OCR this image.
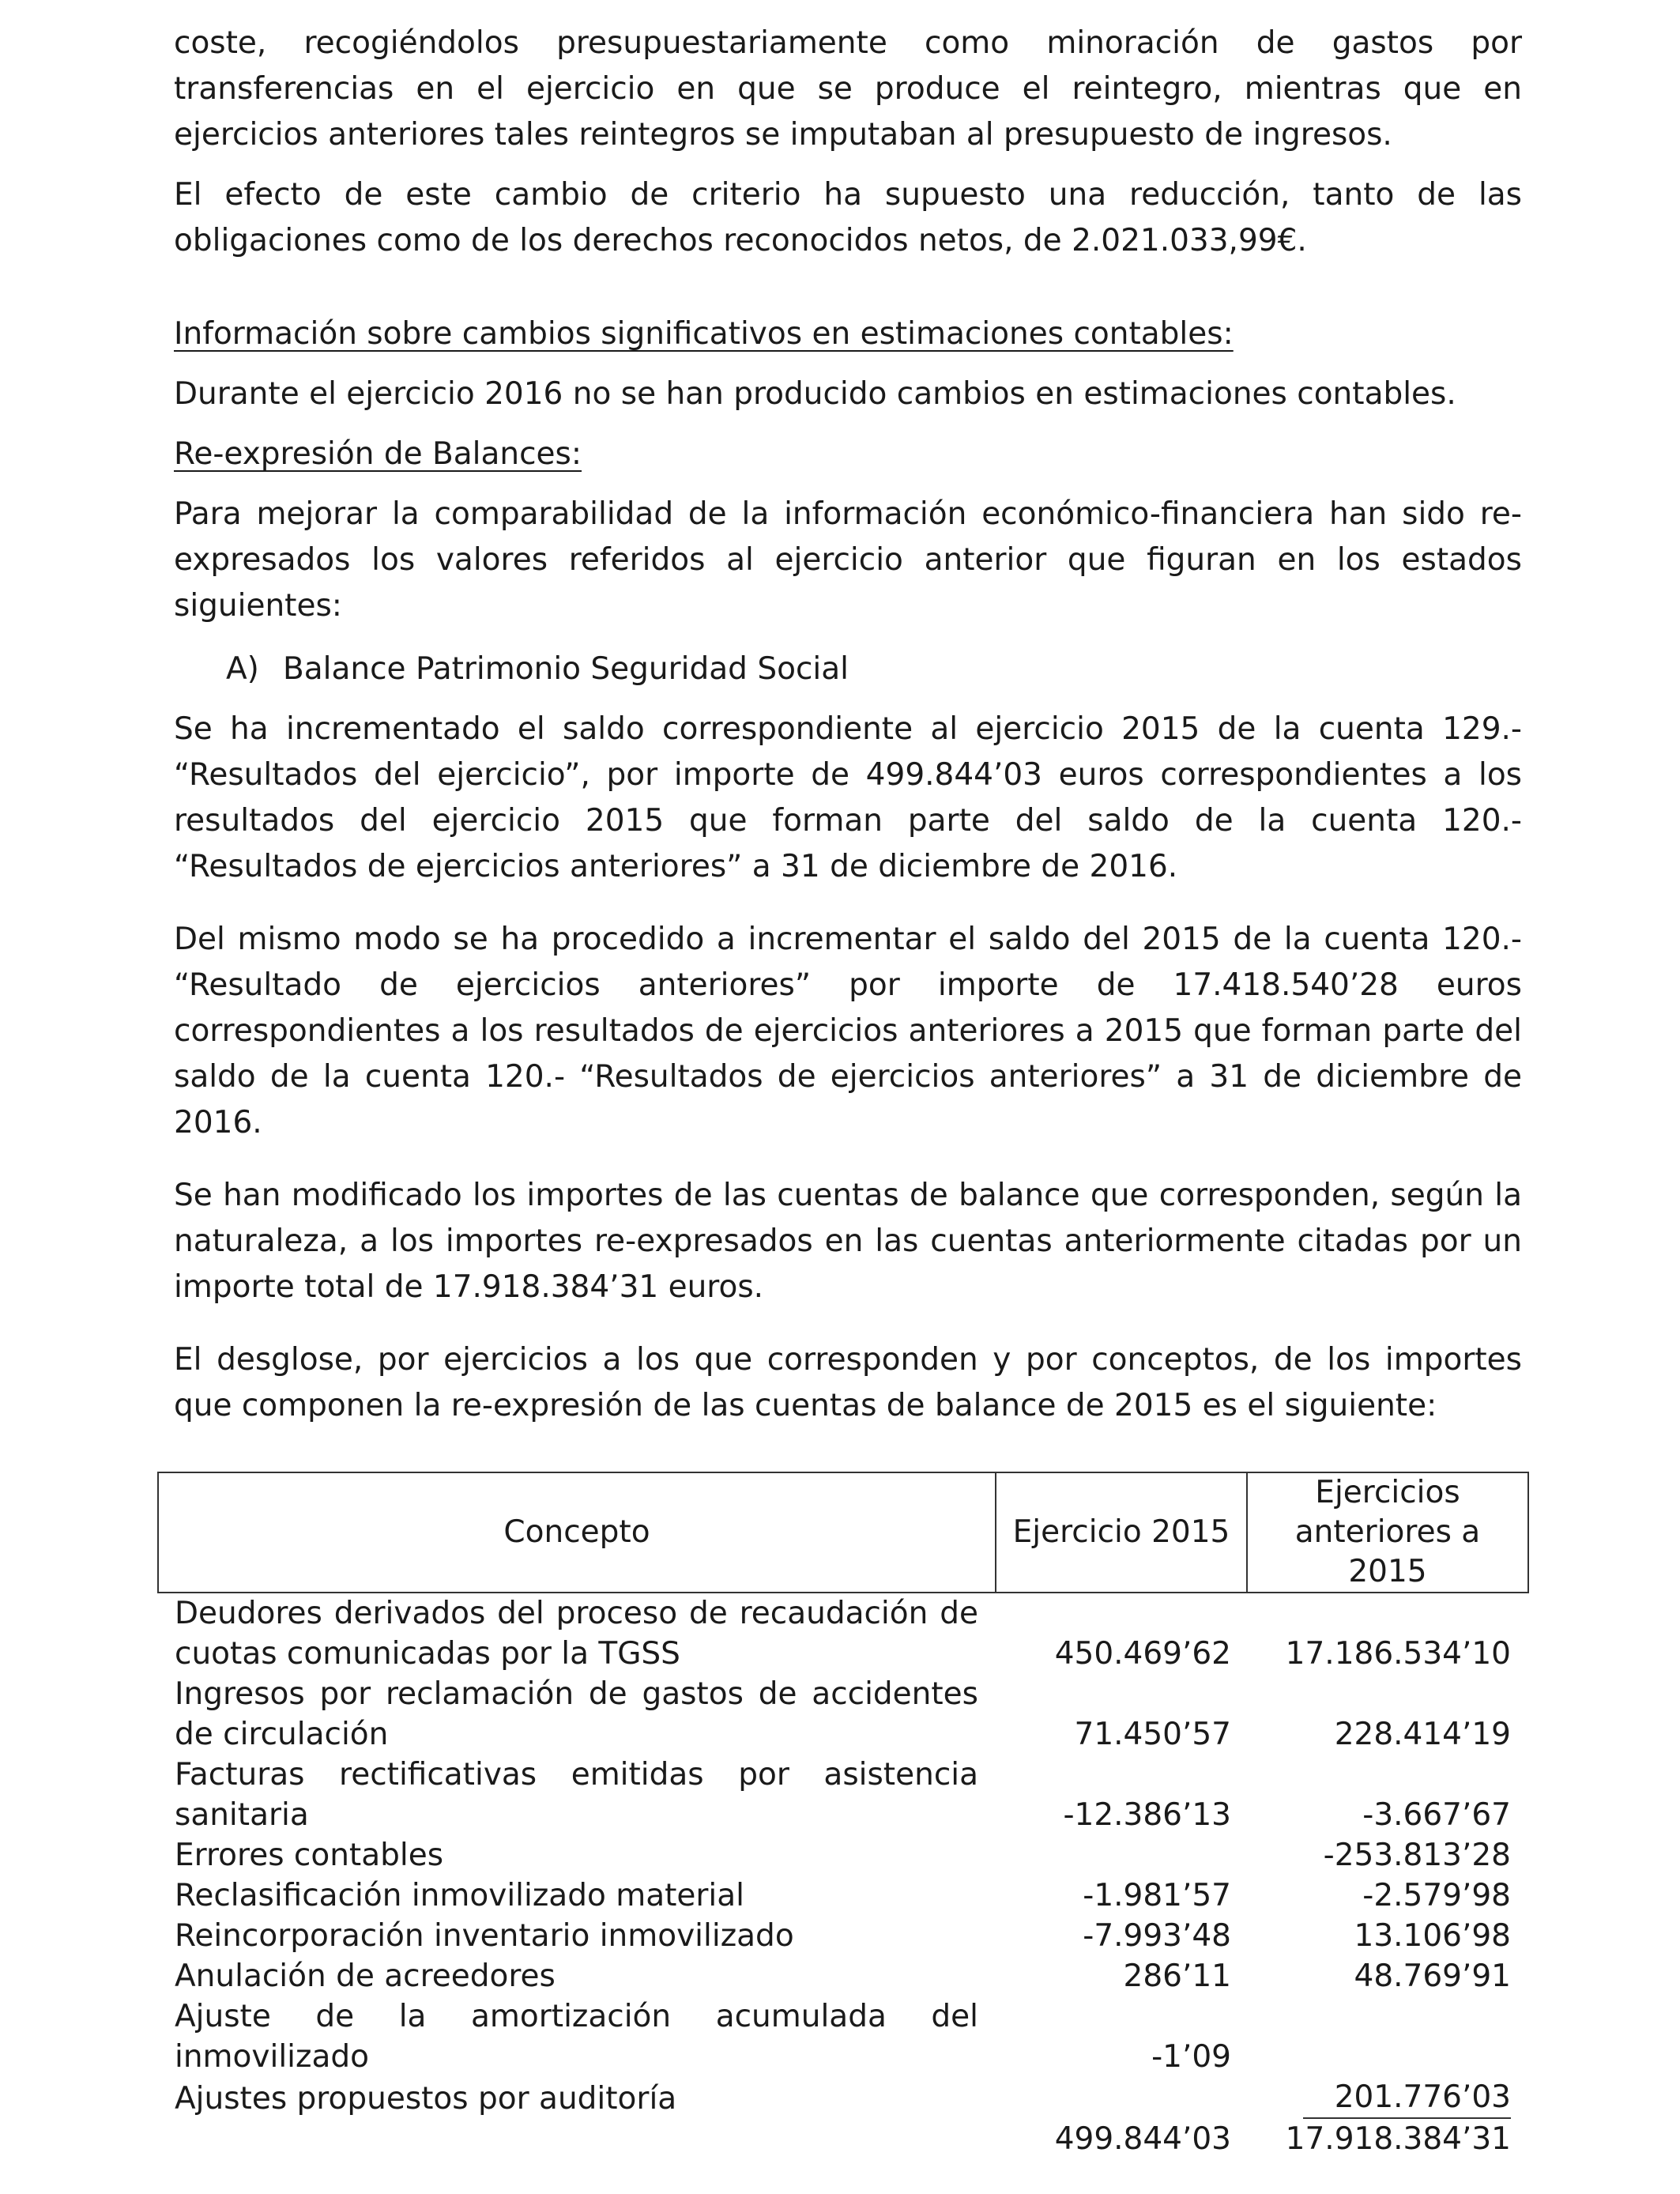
coste, recogiéndolos presupuestariamente como minoración de gastos por transferencias en el ejercicio en que se produce el reintegro, mientras que en ejercicios anteriores tales reintegros se imputaban al presupuesto de ingresos.

El efecto de este cambio de criterio ha supuesto una reducción, tanto de las obligaciones como de los derechos reconocidos netos, de 2.021.033,99€.

Información sobre cambios significativos en estimaciones contables:

Durante el ejercicio 2016 no se han producido cambios en estimaciones contables.

Re-expresión de Balances:

Para mejorar la comparabilidad de la información económico-financiera han sido re-expresados los valores referidos al ejercicio anterior que figuran en los estados siguientes:

A) Balance Patrimonio Seguridad Social

Se ha incrementado el saldo correspondiente al ejercicio 2015 de la cuenta 129.- “Resultados del ejercicio”, por importe de 499.844’03 euros correspondientes a los resultados del ejercicio 2015 que forman parte del saldo de la cuenta 120.- “Resultados de ejercicios anteriores” a 31 de diciembre de 2016.

Del mismo modo se ha procedido a incrementar el saldo del 2015 de la cuenta 120.- “Resultado de ejercicios anteriores” por importe de 17.418.540’28 euros correspondientes a los resultados de ejercicios anteriores a 2015 que forman parte del saldo de la cuenta 120.- “Resultados de ejercicios anteriores” a 31 de diciembre de 2016.

Se han modificado los importes de las cuentas de balance que corresponden, según la naturaleza, a los importes re-expresados en las cuentas anteriormente citadas por un importe total de 17.918.384’31 euros.

El desglose, por ejercicios a los que corresponden y por conceptos, de los importes que componen la re-expresión de las cuentas de balance de 2015 es el siguiente:

Concepto	Ejercicio 2015	Ejercicios anteriores a 2015
Deudores derivados del proceso de recaudación de cuotas comunicadas por la TGSS	450.469’62	17.186.534’10
Ingresos por reclamación de gastos de accidentes de circulación	71.450’57	228.414’19
Facturas rectificativas emitidas por asistencia sanitaria	-12.386’13	-3.667’67
Errores contables		-253.813’28
Reclasificación inmovilizado material	-1.981’57	-2.579’98
Reincorporación inventario inmovilizado	-7.993’48	13.106’98
Anulación de acreedores	286’11	48.769’91
Ajuste de la amortización acumulada del inmovilizado	-1’09	
Ajustes propuestos por auditoría		201.776’03
	499.844’03	17.918.384’31
